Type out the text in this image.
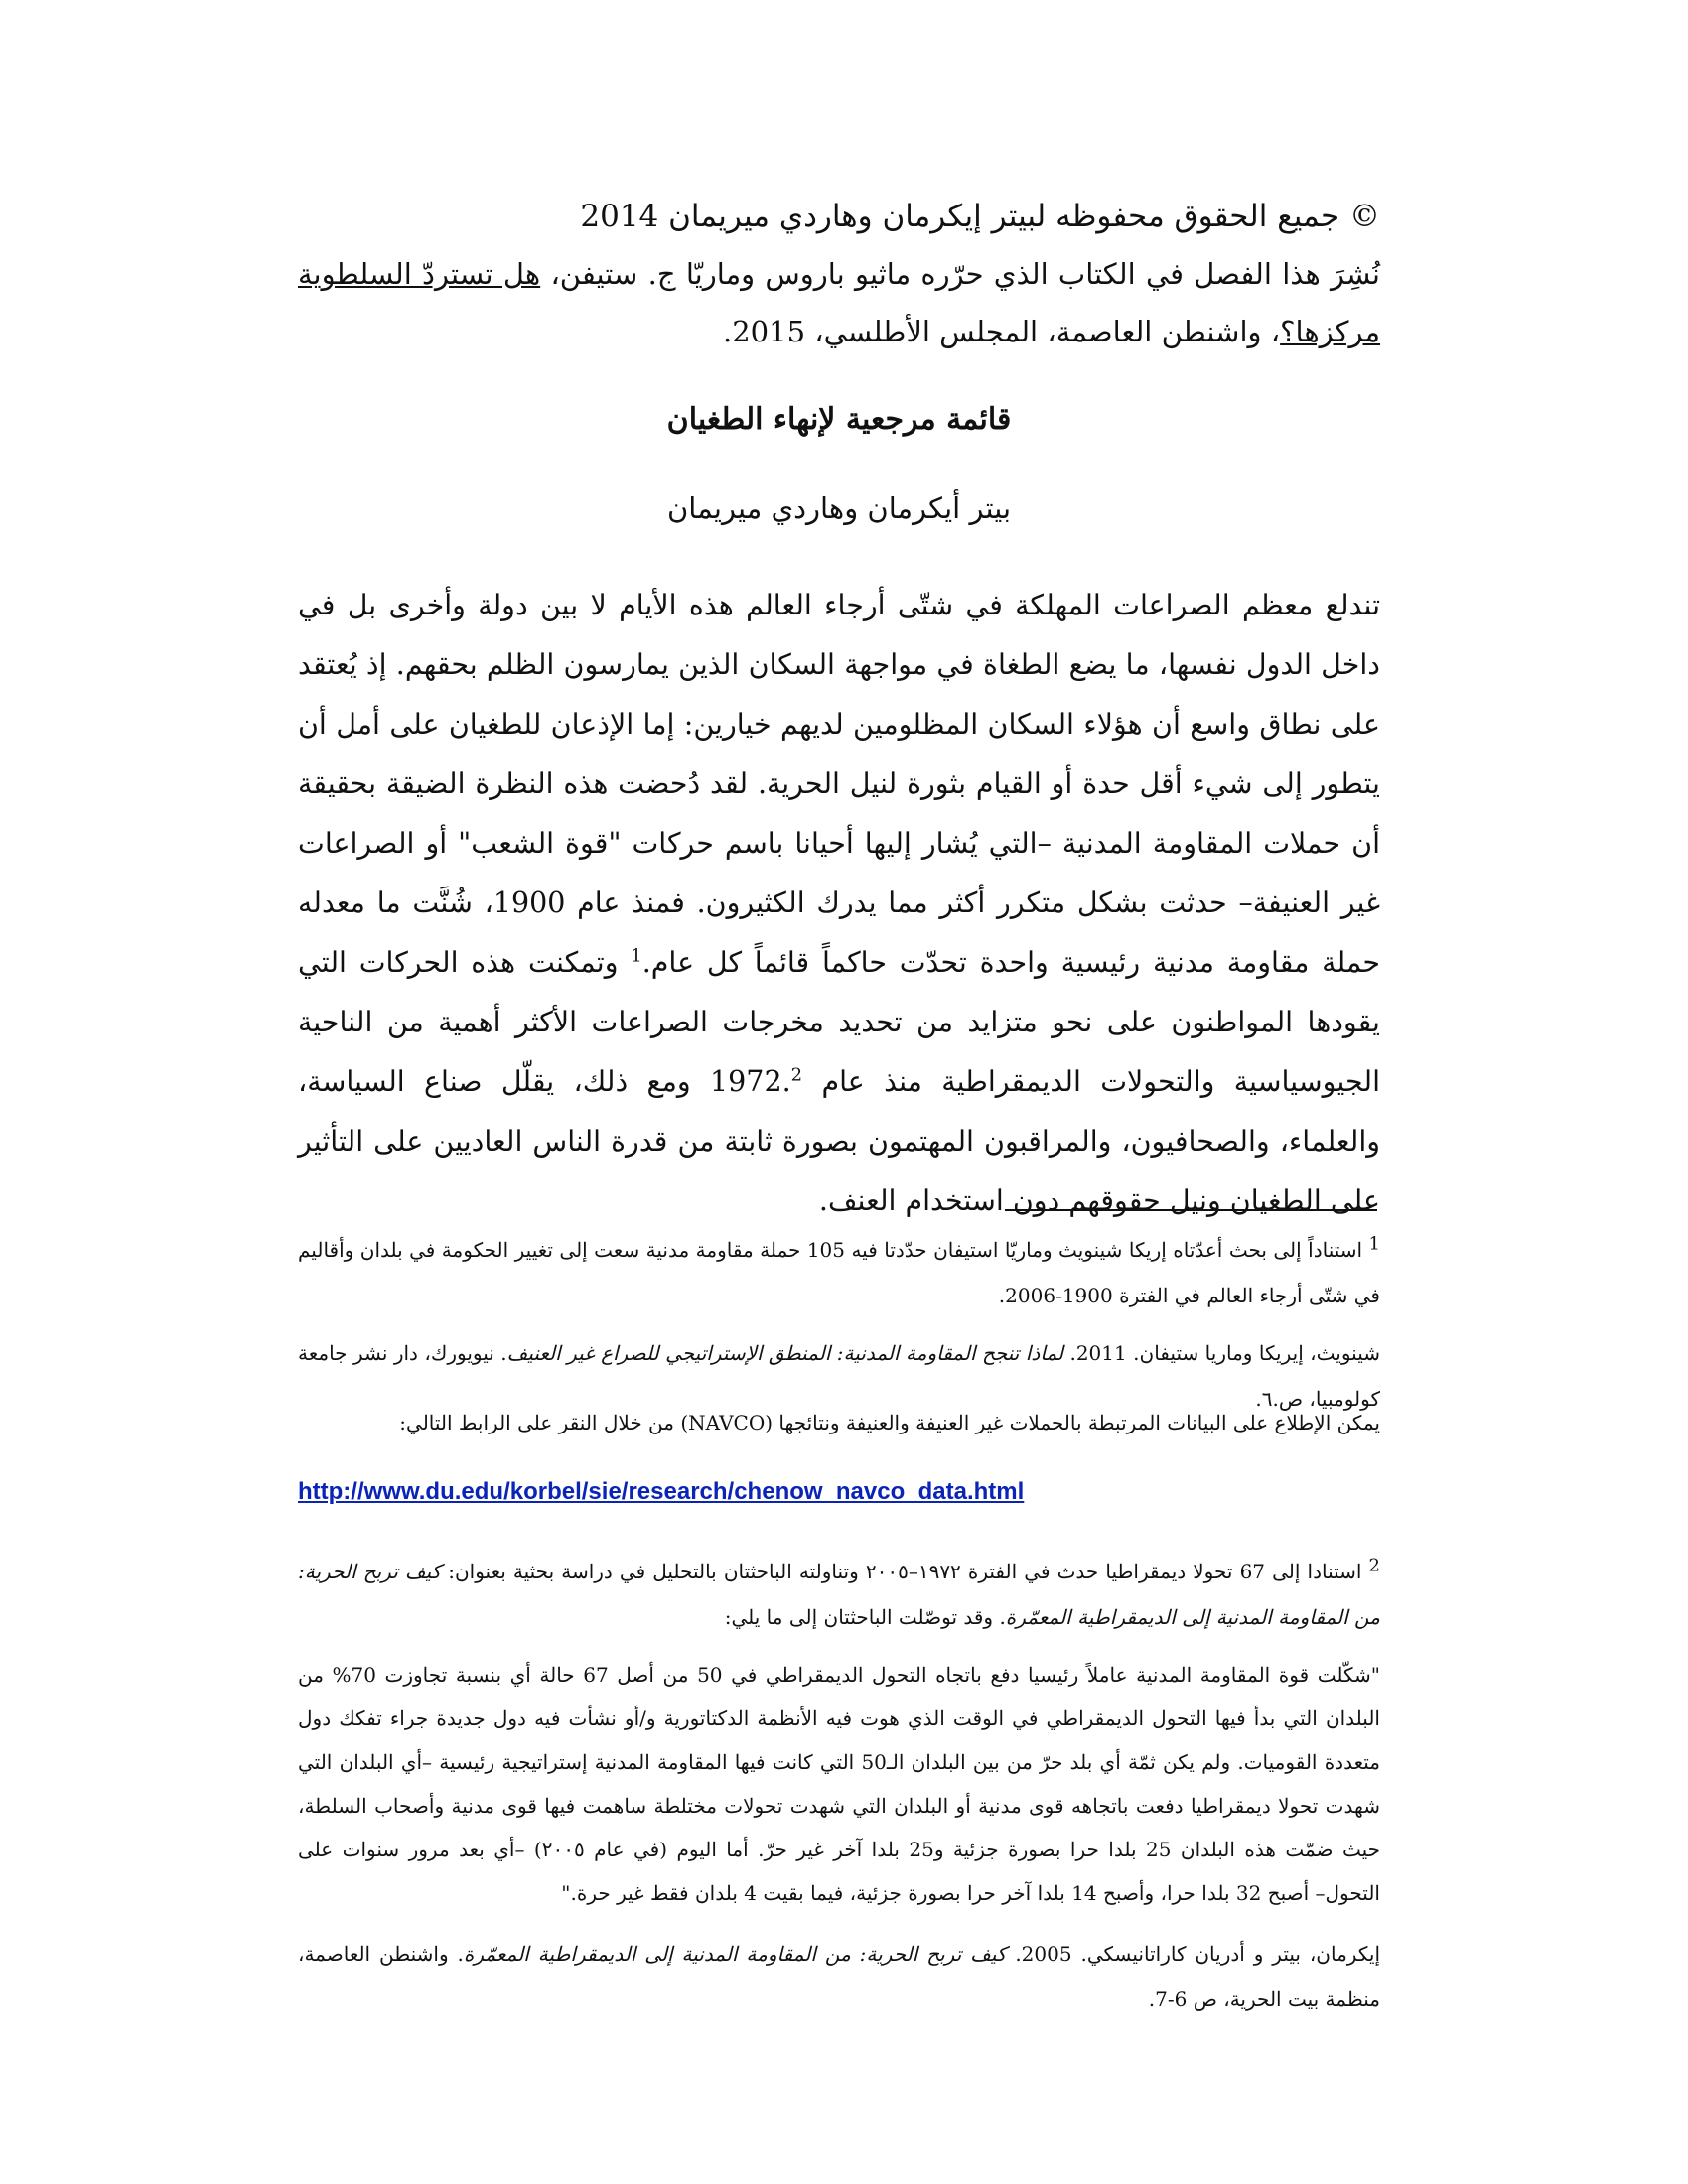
© جميع الحقوق محفوظه لبيتر إيكرمان وهاردي ميريمان 2014

نُشِرَ هذا الفصل في الكتاب الذي حرّره ماثيو باروس وماريّا ج. ستيفن، هل تستردّ السلطوية مركزها؟، واشنطن العاصمة، المجلس الأطلسي، 2015.

قائمة مرجعية لإنهاء الطغيان

بيتر أيكرمان وهاردي ميريمان

تندلع معظم الصراعات المهلكة في شتّى أرجاء العالم هذه الأيام لا بين دولة وأخرى بل في داخل الدول نفسها، ما يضع الطغاة في مواجهة السكان الذين يمارسون الظلم بحقهم. إذ يُعتقد على نطاق واسع أن هؤلاء السكان المظلومين لديهم خيارين: إما الإذعان للطغيان على أمل أن يتطور إلى شيء أقل حدة أو القيام بثورة لنيل الحرية. لقد دُحضت هذه النظرة الضيقة بحقيقة أن حملات المقاومة المدنية –التي يُشار إليها أحيانا باسم حركات "قوة الشعب" أو الصراعات غير العنيفة– حدثت بشكل متكرر أكثر مما يدرك الكثيرون. فمنذ عام 1900، شُنَّت ما معدله حملة مقاومة مدنية رئيسية واحدة تحدّت حاكماً قائماً كل عام.$^1$ وتمكنت هذه الحركات التي يقودها المواطنون على نحو متزايد من تحديد مخرجات الصراعات الأكثر أهمية من الناحية الجيوسياسية والتحولات الديمقراطية منذ عام 1972.$^2$ ومع ذلك، يقلّل صناع السياسة، والعلماء، والصحافيون، والمراقبون المهتمون بصورة ثابتة من قدرة الناس العاديين على التأثير على الطغيان ونيل حقوقهم دون استخدام العنف.

$^1$ استناداً إلى بحث أعدّتاه إريكا شينويث وماريّا استيفان حدّدتا فيه 105 حملة مقاومة مدنية سعت إلى تغيير الحكومة في بلدان وأقاليم في شتّى أرجاء العالم في الفترة 1900-2006.

شينويث، إيريكا وماريا ستيفان. 2011. لماذا تنجح المقاومة المدنية: المنطق الإستراتيجي للصراع غير العنيف. نيويورك، دار نشر جامعة كولومبيا، ص.٦.

يمكن الإطلاع على البيانات المرتبطة بالحملات غير العنيفة والعنيفة ونتائجها (NAVCO) من خلال النقر على الرابط التالي:

http://www.du.edu/korbel/sie/research/chenow_navco_data.html

$^2$ استنادا إلى 67 تحولا ديمقراطيا حدث في الفترة ١٩٧٢–٢٠٠٥ وتناولته الباحثتان بالتحليل في دراسة بحثية بعنوان: كيف تربح الحرية: من المقاومة المدنية إلى الديمقراطية المعمّرة. وقد توصّلت الباحثتان إلى ما يلي:

"شكّلت قوة المقاومة المدنية عاملاً رئيسيا دفع باتجاه التحول الديمقراطي في 50 من أصل 67 حالة أي بنسبة تجاوزت 70% من البلدان التي بدأ فيها التحول الديمقراطي في الوقت الذي هوت فيه الأنظمة الدكتاتورية و/أو نشأت فيه دول جديدة جراء تفكك دول متعددة القوميات. ولم يكن ثمّة أي بلد حرّ من بين البلدان الـ50 التي كانت فيها المقاومة المدنية إستراتيجية رئيسية –أي البلدان التي شهدت تحولا ديمقراطيا دفعت باتجاهه قوى مدنية أو البلدان التي شهدت تحولات مختلطة ساهمت فيها قوى مدنية وأصحاب السلطة، حيث ضمّت هذه البلدان 25 بلدا حرا بصورة جزئية و25 بلدا آخر غير حرّ. أما اليوم (في عام ٢٠٠٥) –أي بعد مرور سنوات على التحول– أصبح 32 بلدا حرا، وأصبح 14 بلدا آخر حرا بصورة جزئية، فيما بقيت 4 بلدان فقط غير حرة."

إيكرمان، بيتر و أدريان كاراتانيسكي. 2005. كيف تربح الحرية: من المقاومة المدنية إلى الديمقراطية المعمّرة. واشنطن العاصمة، منظمة بيت الحرية، ص 6-7.
